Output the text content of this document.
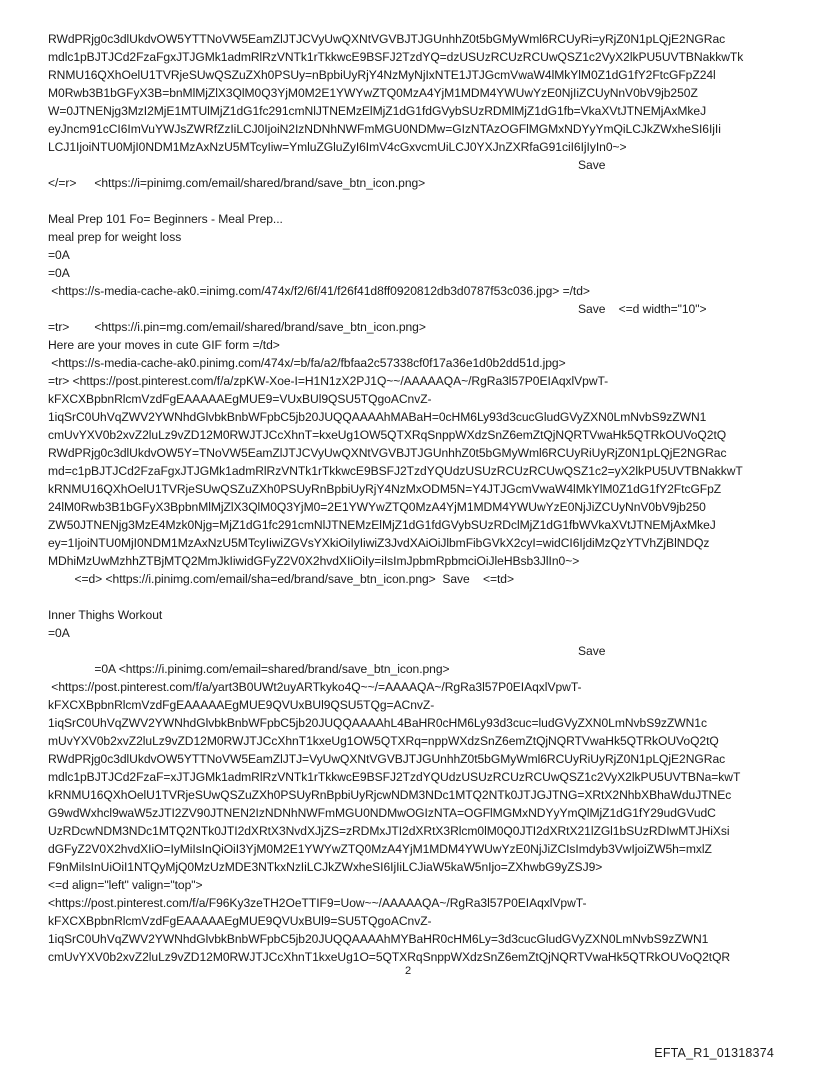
RWdPRjg0c3dlUkdvOW5YTTNoVW5EamZlJTJCVyUwQXNtVGVBJTJGUnhhZ0t5bGMyWml6RCUyRi=yRjZ0N1pLQjE2NGRac
mdlc1pBJTJCd2FzaFgxJTJGMk1admRlRzVNTk1rTkkwcE9BSFJ2TzdYQ=dzUSUzRCUzRCUwQSZ1c2VyX2lkPU5UVTBNakkwTk
RNMU16QXhOelU1TVRjeSUwQSZuZXh0PSUy=nBpbiUyRjY4NzMyNjIxNTE1JTJGcmVwaW4lMkYlM0Z1dG1fY2FtcGFpZ24l
M0Rwb3B1bGFyX3B=bnMlMjZlX3QlM0Q3YjM0M2E1YWYwZTQ0MzA4YjM1MDM4YWUwYzE0NjIiZCUyNnV0bV9jb250Z
W=0JTNENjg3MzI2MjE1MTUlMjZ1dG1fc291cmNlJTNEMzElMjZ1dG1fdGVybSUzRDMlMjZ1dG1fb=VkaXVtJTNEMjAxMkeJ
eyJncm91cCI6ImVuYWJsZWRfZzIiLCJ0IjoiN2IzNDNhNWFmMGU0NDMw=GIzNTAzOGFlMGMxNDYyYmQiLCJkZWxheSI6IjIi
LCJ1IjoiNTU0MjI0NDM1MzAxNzU5MTcyIiw=YmluZGluZyI6ImV4cGxvcmUiLCJ0YXJnZXRfaG91ciI6IjIyIn0~>

<https://i=pinimg.com/email/shared/brand/save_btn_icon.png>

Save

</=r>
Meal Prep 101 Fo= Beginners - Meal Prep...
meal prep for weight loss
=0A
=0A
<https://s-media-cache-ak0.=inimg.com/474x/f2/6f/41/f26f41d8ff0920812db3d0787f53c036.jpg> =/td>

<https://i.pin=mg.com/email/shared/brand/save_btn_icon.png>

Save <=d width="10">

=tr>
Here are your moves in cute GIF form =/td>
<https://s-media-cache-ak0.pinimg.com/474x/=b/fa/a2/fbfaa2c57338cf0f17a36e1d0b2dd51d.jpg>
=tr> <https://post.pinterest.com/f/a/zpKW-Xoe-I=H1N1zX2PJ1Q~~/AAAAAQA~/RgRa3l57P0EIAqxlVpwT-
kFXCXBpbnRlcmVzdFgEAAAAAEgMUE9=VUxBUl9QSU5TQgoACnvZ-
1iqSrC0UhVqZWV2YWNhdGlvbkBnbWFpbC5jb20JUQQAAAAhMABaH=0cHM6Ly93d3cucGludGVyZXN0LmNvbS9zZWN1
cmUvYXV0b2xvZ2luLz9vZD12M0RWJTJCcXhnT=kxeUg1OW5QTXRqSnppWXdzSnZ6emZtQjNQRTVwaHk5QTRkOUVoQ2tQ
RWdPRjg0c3dlUkdvOW5Y=TNoVW5EamZlJTJCVyUwQXNtVGVBJTJGUnhhZ0t5bGMyWml6RCUyRiUyRjZ0N1pLQjE2NGRac
md=c1pBJTJCd2FzaFgxJTJGMk1admRlRzVNTk1rTkkwcE9BSFJ2TzdYQUdzUSUzRCUzRCUwQSZ1c2=yX2lkPU5UVTBNakkwT
kRNMU16QXhOelU1TVRjeSUwQSZuZXh0PSUyRnBpbiUyRjY4NzMxODM5N=Y4JTJGcmVwaW4lMkYlM0Z1dG1fY2FtcGFpZ
24lM0Rwb3B1bGFyX3BpbnMlMjZlX3QlM0Q3YjM0=2E1YWYwZTQ0MzA4YjM1MDM4YWUwYzE0NjJiZCUyNnV0bV9jb250
ZW50JTNENjg3MzE4Mzk0Njg=MjZ1dG1fc291cmNlJTNEMzElMjZ1dG1fdGVybSUzRDclMjZ1dG1fbWVkaXVtJTNEMjAxMkeJ
ey=1IjoiNTU0MjI0NDM1MzAxNzU5MTcyIiwiZGVsYXkiOiIyIiwiZ3JvdXAiOiJlbmFibGVkX2cyI=widCI6IjdiMzQzYTVhZjBlNDQz
MDhiMzUwMzhhZTBjMTQ2MmJkIiwidGFyZ2V0X2hvdXIiOiIy=iIsImJpbmRpbmciOiJleHBsb3JlIn0~>
<=d> <https://i.pinimg.com/email/sha=ed/brand/save_btn_icon.png> Save <=td>
Inner Thighs Workout
=0A

=0A <https://i.pinimg.com/email=shared/brand/save_btn_icon.png>

Save

<https://post.pinterest.com/f/a/yart3B0UWt2uyARTkyko4Q~~/=AAAAQA~/RgRa3l57P0EIAqxlVpwT-
kFXCXBpbnRlcmVzdFgEAAAAAEgMUE9QVUxBUl9QSU5TQg=ACnvZ-
1iqSrC0UhVqZWV2YWNhdGlvbkBnbWFpbC5jb20JUQQAAAAhL4BaHR0cHM6Ly93d3cuc=ludGVyZXN0LmNvbS9zZWN1c
mUvYXV0b2xvZ2luLz9vZD12M0RWJTJCcXhnT1kxeUg1OW5QTXRq=nppWXdzSnZ6emZtQjNQRTVwaHk5QTRkOUVoQ2tQ
RWdPRjg0c3dlUkdvOW5YTTNoVW5EamZlJTJ=VyUwQXNtVGVBJTJGUnhhZ0t5bGMyWml6RCUyRiUyRjZ0N1pLQjE2NGRac
mdlc1pBJTJCd2FzaF=xJTJGMk1admRlRzVNTk1rTkkwcE9BSFJ2TzdYQUdzUSUzRCUzRCUwQSZ1c2VyX2lkPU5UVTBNa=kwT
kRNMU16QXhOelU1TVRjeSUwQSZuZXh0PSUyRnBpbiUyRjcwNDM3NDc1MTQ2NTk0JTJGJTNG=XRtX2NhbXBhaWduJTNEc
G9wdWxhcl9waW5zJTI2ZV90JTNEN2IzNDNhNWFmMGU0NDMwOGIzNTA=OGFlMGMxNDYyYmQlMjZ1dG1fY29udGVudC
UzRDcwNDM3NDc1MTQ2NTk0JTI2dXRtX3NvdXJjZS=zRDMxJTI2dXRtX3Rlcm0lM0Q0JTI2dXRtX21lZGl1bSUzRDIwMTJHiXsi
dGFyZ2V0X2hvdXIiO=IyMiIsInQiOiI3YjM0M2E1YWYwZTQ0MzA4YjM1MDM4YWUwYzE0NjJiZCIsImdyb3VwIjoiZW5h=mxlZ
F9nMiIsInUiOiI1NTQyMjQ0MzUzMDE3NTkxNzIiLCJkZWxheSI6IjIiLCJiaW5kaW5nIjo=ZXhwbG9yZSJ9>
<=d align="left" valign="top">
<https://post.pinterest.com/f/a/F96Ky3zeTH2OeTTIF9=Uow~~/AAAAAQA~/RgRa3l57P0EIAqxlVpwT-
kFXCXBpbnRlcmVzdFgEAAAAAEgMUE9QVUxBUl9=SU5TQgoACnvZ-
1iqSrC0UhVqZWV2YWNhdGlvbkBnbWFpbC5jb20JUQQAAAAhMYBaHR0cHM6Ly=3d3cucGludGVyZXN0LmNvbS9zZWN1
cmUvYXV0b2xvZ2luLz9vZD12M0RWJTJCcXhnT1kxeUg1O=5QTXRqSnppWXdzSnZ6emZtQjNQRTVwaHk5QTRkOUVoQ2tQR
2
EFTA_R1_01318374
